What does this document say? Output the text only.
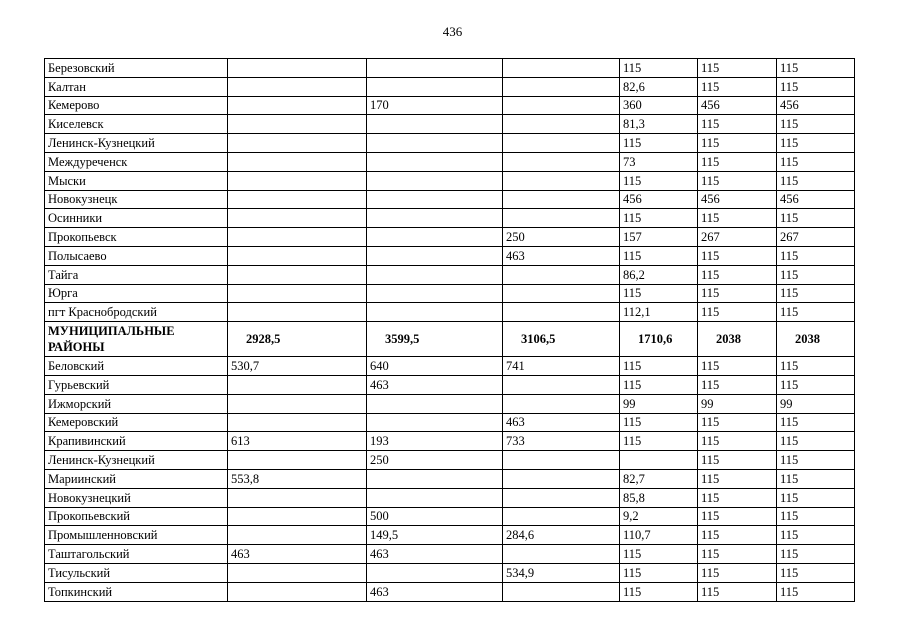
436
Березовский				115	115	115
Калтан				82,6	115	115
Кемерово		170		360	456	456
Киселевск				81,3	115	115
Ленинск-Кузнецкий				115	115	115
Междуреченск				73	115	115
Мыски				115	115	115
Новокузнецк				456	456	456
Осинники				115	115	115
Прокопьевск			250	157	267	267
Полысаево			463	115	115	115
Тайга				86,2	115	115
Юрга				115	115	115
пгт Краснобродский				112,1	115	115
МУНИЦИПАЛЬНЫЕ РАЙОНЫ	2928,5	3599,5	3106,5	1710,6	2038	2038
Беловский	530,7	640	741	115	115	115
Гурьевский		463		115	115	115
Ижморский				99	99	99
Кемеровский			463	115	115	115
Крапивинский	613	193	733	115	115	115
Ленинск-Кузнецкий		250			115	115
Мариинский	553,8			82,7	115	115
Новокузнецкий				85,8	115	115
Прокопьевский		500		9,2	115	115
Промышленновский		149,5	284,6	110,7	115	115
Таштагольский	463	463		115	115	115
Тисульский			534,9	115	115	115
Топкинский		463		115	115	115
